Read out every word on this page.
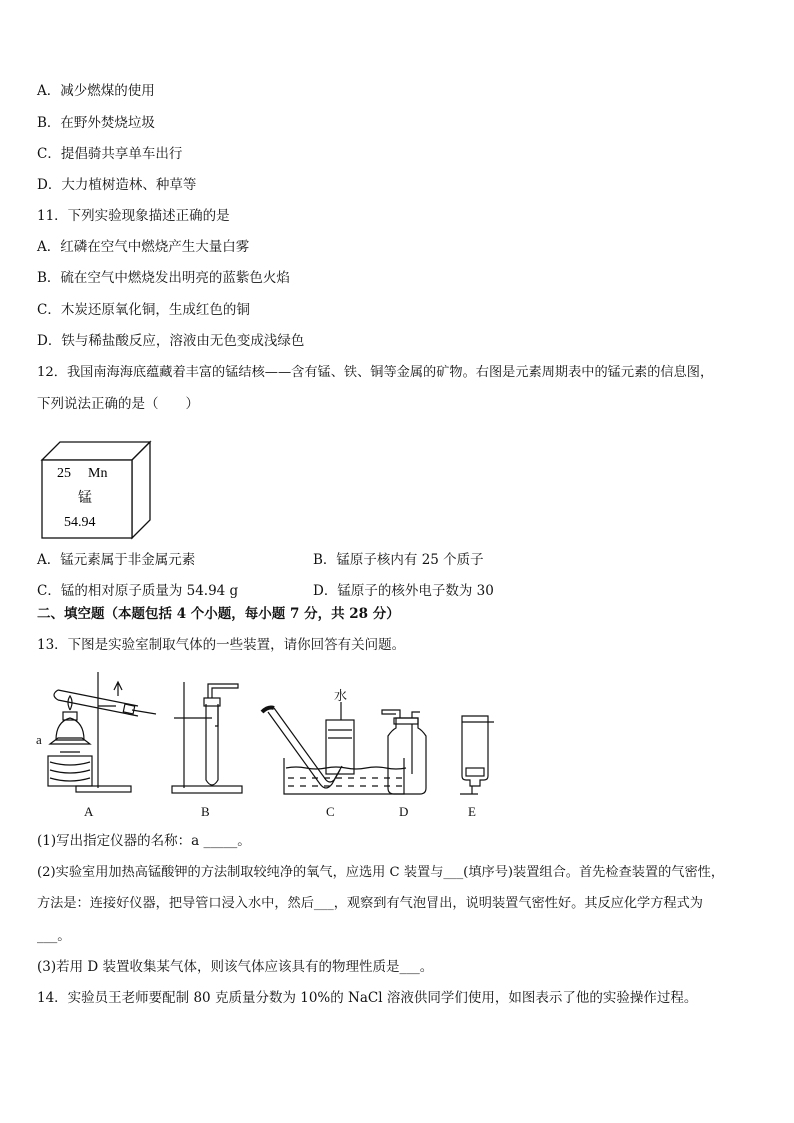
A．减少燃煤的使用
B．在野外焚烧垃圾
C．提倡骑共享单车出行
D．大力植树造林、种草等
11．下列实验现象描述正确的是
A．红磷在空气中燃烧产生大量白雾
B．硫在空气中燃烧发出明亮的蓝紫色火焰
C．木炭还原氧化铜，生成红色的铜
D．铁与稀盐酸反应，溶液由无色变成浅绿色
12．我国南海海底蕴藏着丰富的锰结核——含有锰、铁、铜等金属的矿物。右图是元素周期表中的锰元素的信息图，
下列说法正确的是（　　）
25 Mn
锰
54.94
A．锰元素属于非金属元素	B．锰原子核内有 25 个质子
C．锰的相对原子质量为 54.94 g	D．锰原子的核外电子数为 30
二、填空题（本题包括 4 个小题，每小题 7 分，共 28 分）
13．下图是实验室制取气体的一些装置，请你回答有关问题。
a
水
A	B	C	D	E
(1)写出指定仪器的名称：a _____。
(2)实验室用加热高锰酸钾的方法制取较纯净的氧气，应选用 C 装置与___(填序号)装置组合。首先检查装置的气密性，
方法是：连接好仪器，把导管口浸入水中，然后___，观察到有气泡冒出，说明装置气密性好。其反应化学方程式为
___。
(3)若用 D 装置收集某气体，则该气体应该具有的物理性质是___。
14．实验员王老师要配制 80 克质量分数为 10%的 NaCl 溶液供同学们使用，如图表示了他的实验操作过程。
